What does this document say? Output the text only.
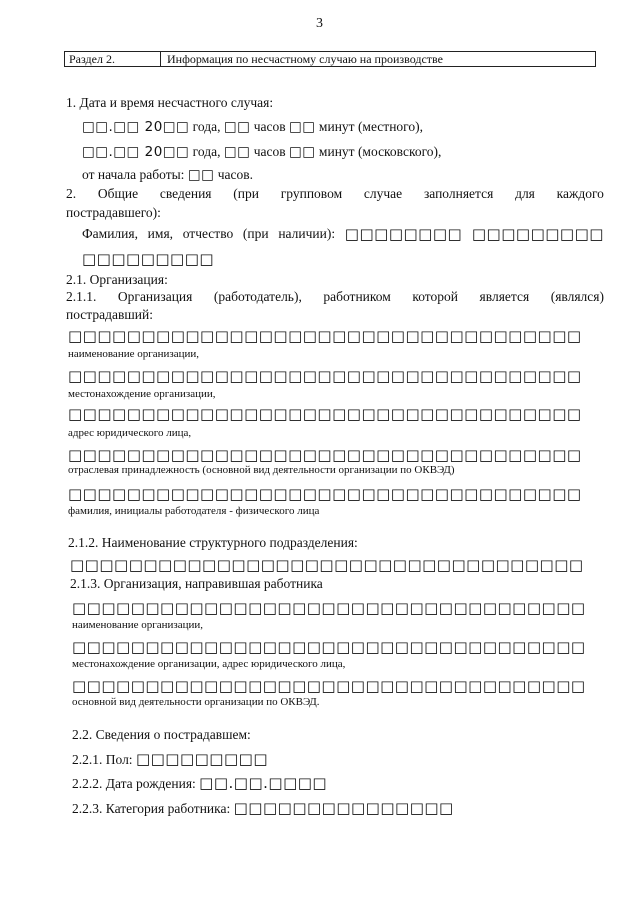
3
Раздел 2.	Информация по несчастному случаю на производстве
1. Дата и время несчастного случая:
□□.□□ 20□□ года, □□ часов □□ минут (местного),
□□.□□ 20□□ года, □□ часов □□ минут (московского),
от начала работы: □□ часов.
2. Общие сведения (при групповом случае заполняется для каждого
пострадавшего):
Фамилия, имя, отчество (при наличии): □□□□□□□□ □□□□□□□□□
□□□□□□□□□
2.1. Организация:
2.1.1. Организация (работодатель), работником которой является (являлся)
пострадавший:
□□□□□□□□□□□□□□□□□□□□□□□□□□□□□□□□□□□
наименование организации,
□□□□□□□□□□□□□□□□□□□□□□□□□□□□□□□□□□□
местонахождение организации,
□□□□□□□□□□□□□□□□□□□□□□□□□□□□□□□□□□□
адрес юридического лица,
□□□□□□□□□□□□□□□□□□□□□□□□□□□□□□□□□□□
отраслевая принадлежность (основной вид деятельности организации по ОКВЭД)
□□□□□□□□□□□□□□□□□□□□□□□□□□□□□□□□□□□
фамилия, инициалы работодателя - физического лица
2.1.2. Наименование структурного подразделения:
□□□□□□□□□□□□□□□□□□□□□□□□□□□□□□□□□□□
2.1.3. Организация, направившая работника
□□□□□□□□□□□□□□□□□□□□□□□□□□□□□□□□□□□
наименование организации,
□□□□□□□□□□□□□□□□□□□□□□□□□□□□□□□□□□□
местонахождение организации, адрес юридического лица,
□□□□□□□□□□□□□□□□□□□□□□□□□□□□□□□□□□□
основной вид деятельности организации по ОКВЭД.
2.2. Сведения о пострадавшем:
2.2.1. Пол: □□□□□□□□□
2.2.2. Дата рождения: □□.□□.□□□□
2.2.3. Категория работника: □□□□□□□□□□□□□□□
